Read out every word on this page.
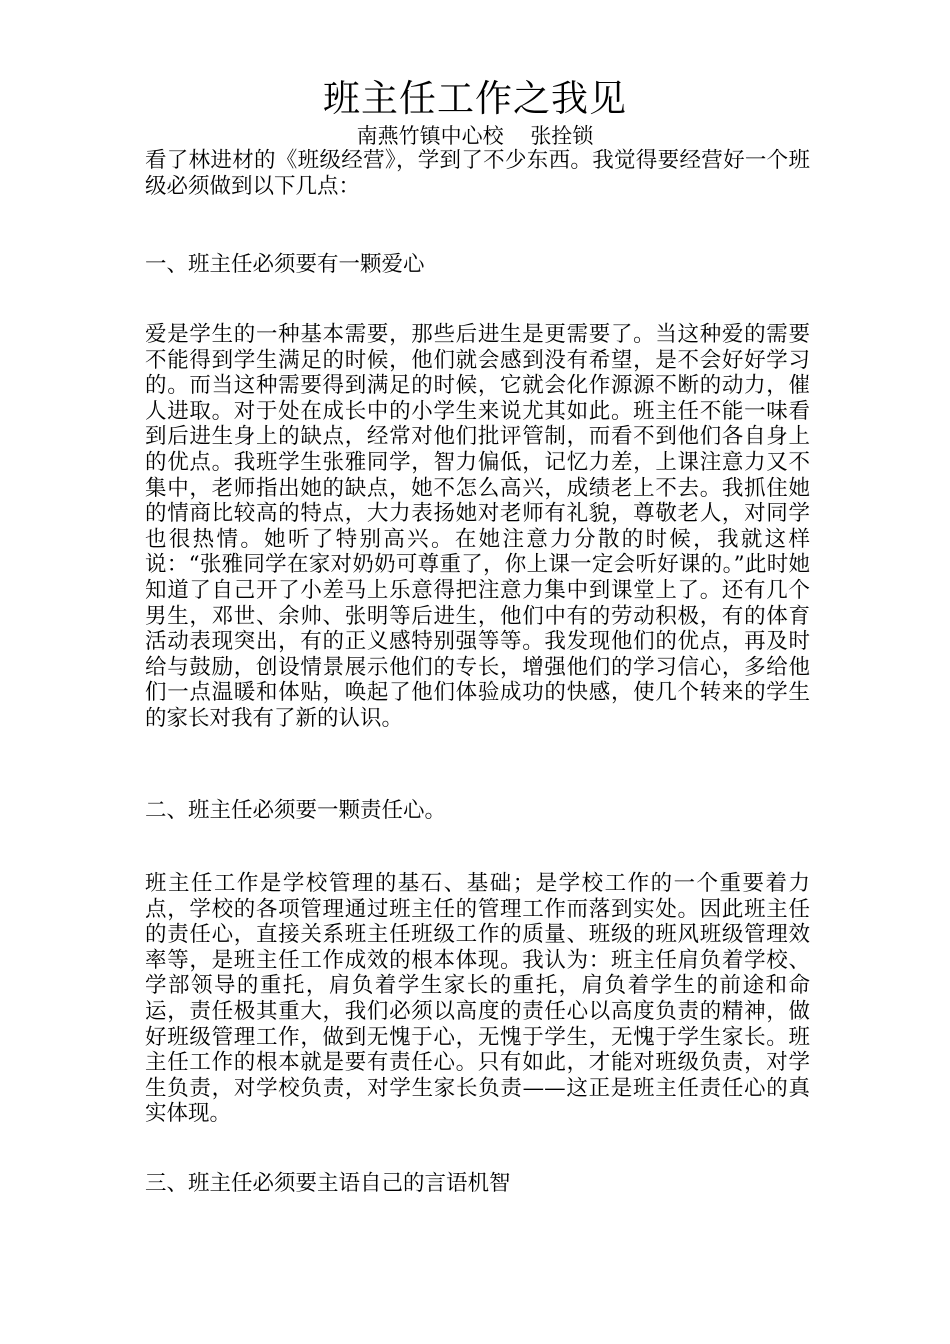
班主任工作之我见
南燕竹镇中心校 张拴锁
看了林进材的《班级经营》，学到了不少东西。我觉得要经营好一个班级必须做到以下几点：
一、班主任必须要有一颗爱心
爱是学生的一种基本需要，那些后进生是更需要了。当这种爱的需要不能得到学生满足的时候，他们就会感到没有希望，是不会好好学习的。而当这种需要得到满足的时候，它就会化作源源不断的动力，催人进取。对于处在成长中的小学生来说尤其如此。班主任不能一味看到后进生身上的缺点，经常对他们批评管制，而看不到他们各自身上的优点。我班学生张雅同学，智力偏低，记忆力差，上课注意力又不集中，老师指出她的缺点，她不怎么高兴，成绩老上不去。我抓住她的情商比较高的特点，大力表扬她对老师有礼貌，尊敬老人，对同学也很热情。她听了特别高兴。在她注意力分散的时候，我就这样说：“张雅同学在家对奶奶可尊重了，你上课一定会听好课的。”此时她知道了自己开了小差马上乐意得把注意力集中到课堂上了。还有几个男生，邓世、余帅、张明等后进生，他们中有的劳动积极，有的体育活动表现突出，有的正义感特别强等等。我发现他们的优点，再及时给与鼓励，创设情景展示他们的专长，增强他们的学习信心，多给他们一点温暖和体贴，唤起了他们体验成功的快感，使几个转来的学生的家长对我有了新的认识。
二、班主任必须要一颗责任心。
班主任工作是学校管理的基石、基础；是学校工作的一个重要着力点，学校的各项管理通过班主任的管理工作而落到实处。因此班主任的责任心，直接关系班主任班级工作的质量、班级的班风班级管理效率等，是班主任工作成效的根本体现。我认为：班主任肩负着学校、学部领导的重托，肩负着学生家长的重托，肩负着学生的前途和命运，责任极其重大，我们必须以高度的责任心以高度负责的精神，做好班级管理工作，做到无愧于心，无愧于学生，无愧于学生家长。班主任工作的根本就是要有责任心。只有如此，才能对班级负责，对学生负责，对学校负责，对学生家长负责——这正是班主任责任心的真实体现。
三、班主任必须要主语自己的言语机智
